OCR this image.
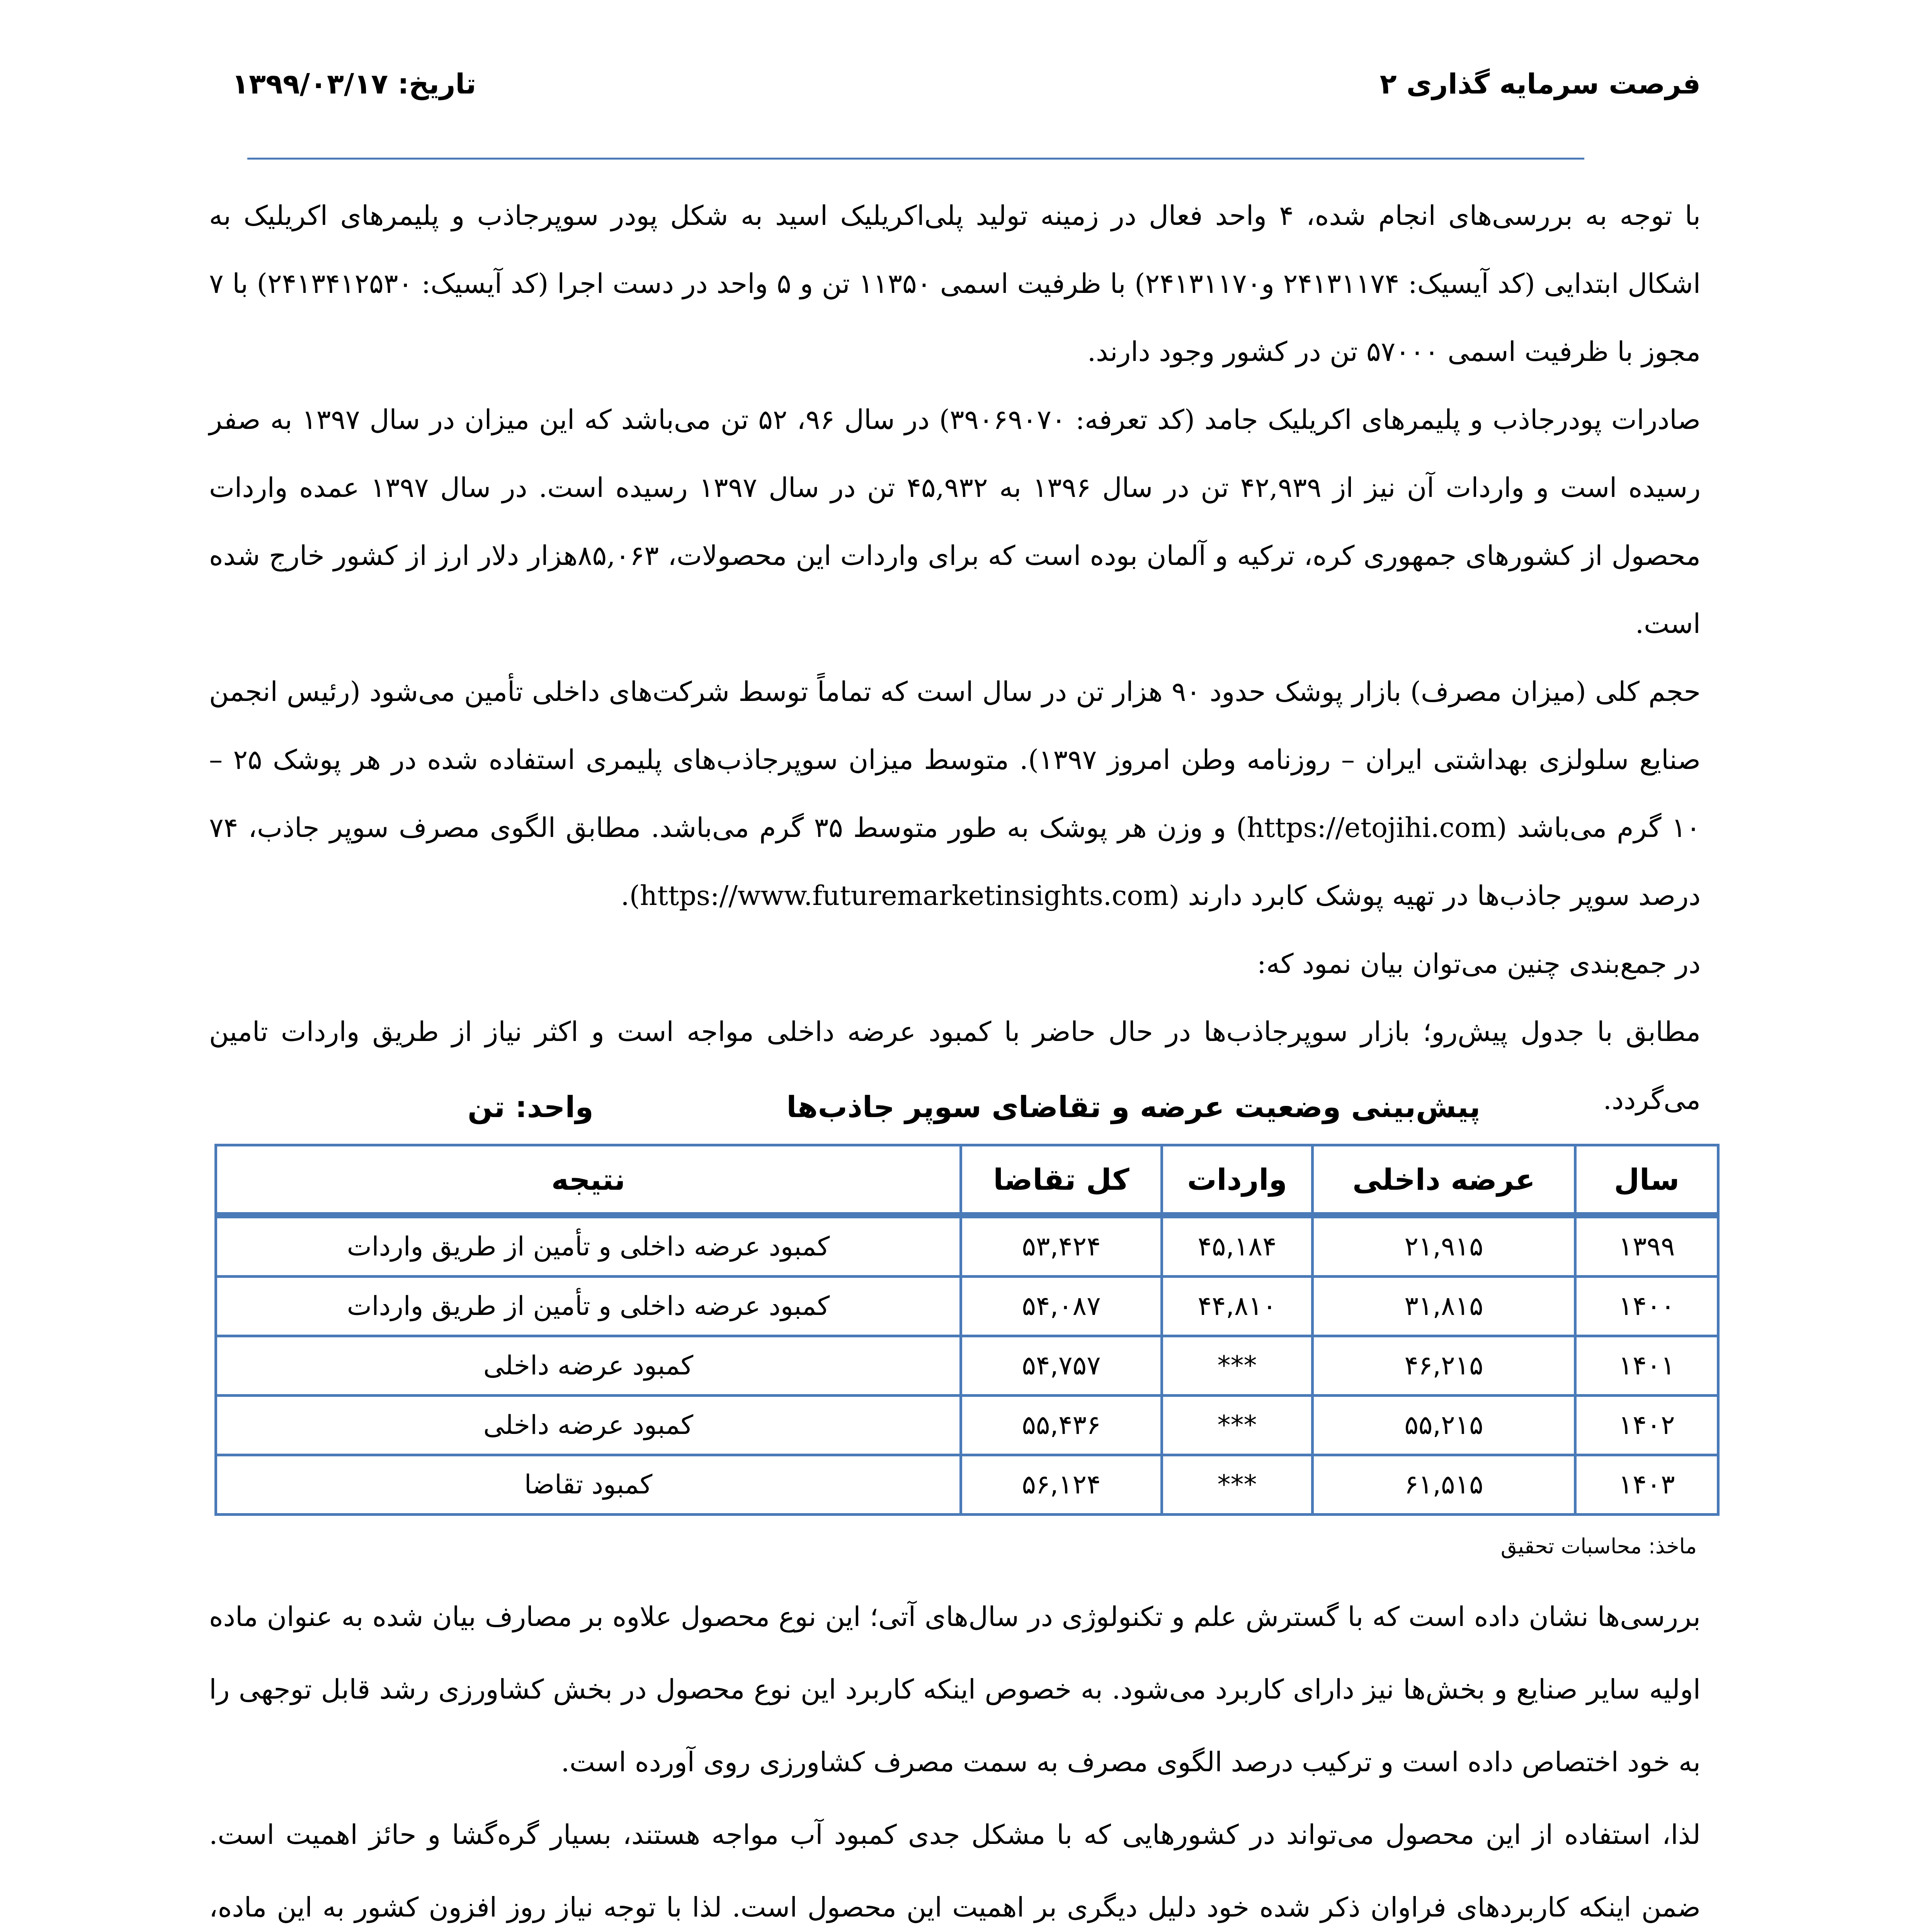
فرصت سرمایه گذاری ۲
تاریخ: ۱۳۹۹/۰۳/۱۷

با توجه به بررسی‌های انجام شده، ۴ واحد فعال در زمینه تولید پلی‌اکریلیک اسید به شکل پودر سوپرجاذب و پلیمرهای اکریلیک به اشکال ابتدایی (کد آیسیک: ۲۴۱۳۱۱۷۴ و۲۴۱۳۱۱۷۰) با ظرفیت اسمی ۱۱۳۵۰ تن و ۵ واحد در دست اجرا (کد آیسیک: ۲۴۱۳۴۱۲۵۳۰) با ۷ مجوز با ظرفیت اسمی ۵۷۰۰۰ تن در کشور وجود دارند.

صادرات پودرجاذب و پلیمرهای اکریلیک جامد (کد تعرفه: ۳۹۰۶۹۰۷۰) در سال ۹۶، ۵۲ تن می‌باشد که این میزان در سال ۱۳۹۷ به صفر رسیده است و واردات آن نیز از ۴۲,۹۳۹ تن در سال ۱۳۹۶ به ۴۵,۹۳۲ تن در سال ۱۳۹۷ رسیده است. در سال ۱۳۹۷ عمده واردات محصول از کشورهای جمهوری کره، ترکیه و آلمان بوده است که برای واردات این محصولات، ۸۵,۰۶۳هزار دلار ارز از کشور خارج شده است.

حجم کلی (میزان مصرف) بازار پوشک حدود ۹۰ هزار تن در سال است که تماماً توسط شرکت‌های داخلی تأمین می‌شود (رئیس انجمن صنایع سلولزی بهداشتی ایران – روزنامه وطن امروز ۱۳۹۷). متوسط میزان سوپرجاذب‌های پلیمری استفاده شده در هر پوشک ۲۵ – ۱۰ گرم می‌باشد (https://etojihi.com) و وزن هر پوشک به طور متوسط ۳۵ گرم می‌باشد. مطابق الگوی مصرف سوپر جاذب، ۷۴ درصد سوپر جاذب‌ها در تهیه پوشک کابرد دارند (https://www.futuremarketinsights.com).

در جمع‌بندی چنین می‌توان بیان نمود که:

مطابق با جدول پیش‌رو؛ بازار سوپرجاذب‌ها در حال حاضر با کمبود عرضه داخلی مواجه است و اکثر نیاز از طریق واردات تامین می‌گردد.

پیش‌بینی وضعیت عرضه و تقاضای سوپر جاذب‌ها
واحد: تن
سال	عرضه داخلی	واردات	کل تقاضا	نتیجه
۱۳۹۹	۲۱,۹۱۵	۴۵,۱۸۴	۵۳,۴۲۴	کمبود عرضه داخلی و تأمین از طریق واردات
۱۴۰۰	۳۱,۸۱۵	۴۴,۸۱۰	۵۴,۰۸۷	کمبود عرضه داخلی و تأمین از طریق واردات
۱۴۰۱	۴۶,۲۱۵	***	۵۴,۷۵۷	کمبود عرضه داخلی
۱۴۰۲	۵۵,۲۱۵	***	۵۵,۴۳۶	کمبود عرضه داخلی
۱۴۰۳	۶۱,۵۱۵	***	۵۶,۱۲۴	کمبود تقاضا
ماخذ: محاسبات تحقیق

بررسی‌ها نشان داده است که با گسترش علم و تکنولوژی در سال‌های آتی؛ این نوع محصول علاوه بر مصارف بیان شده به عنوان ماده اولیه سایر صنایع و بخش‌ها نیز دارای کاربرد می‌شود. به خصوص اینکه کاربرد این نوع محصول در بخش کشاورزی رشد قابل توجهی را به خود اختصاص داده است و ترکیب درصد الگوی مصرف به سمت مصرف کشاورزی روی آورده است.

لذا، استفاده از این محصول می‌تواند در کشورهایی که با مشکل جدی کمبود آب مواجه هستند، بسیار گره‌گشا و حائز اهمیت است. ضمن اینکه کاربردهای فراوان ذکر شده خود دلیل دیگری بر اهمیت این محصول است. لذا با توجه نیاز روز افزون کشور به این ماده،
